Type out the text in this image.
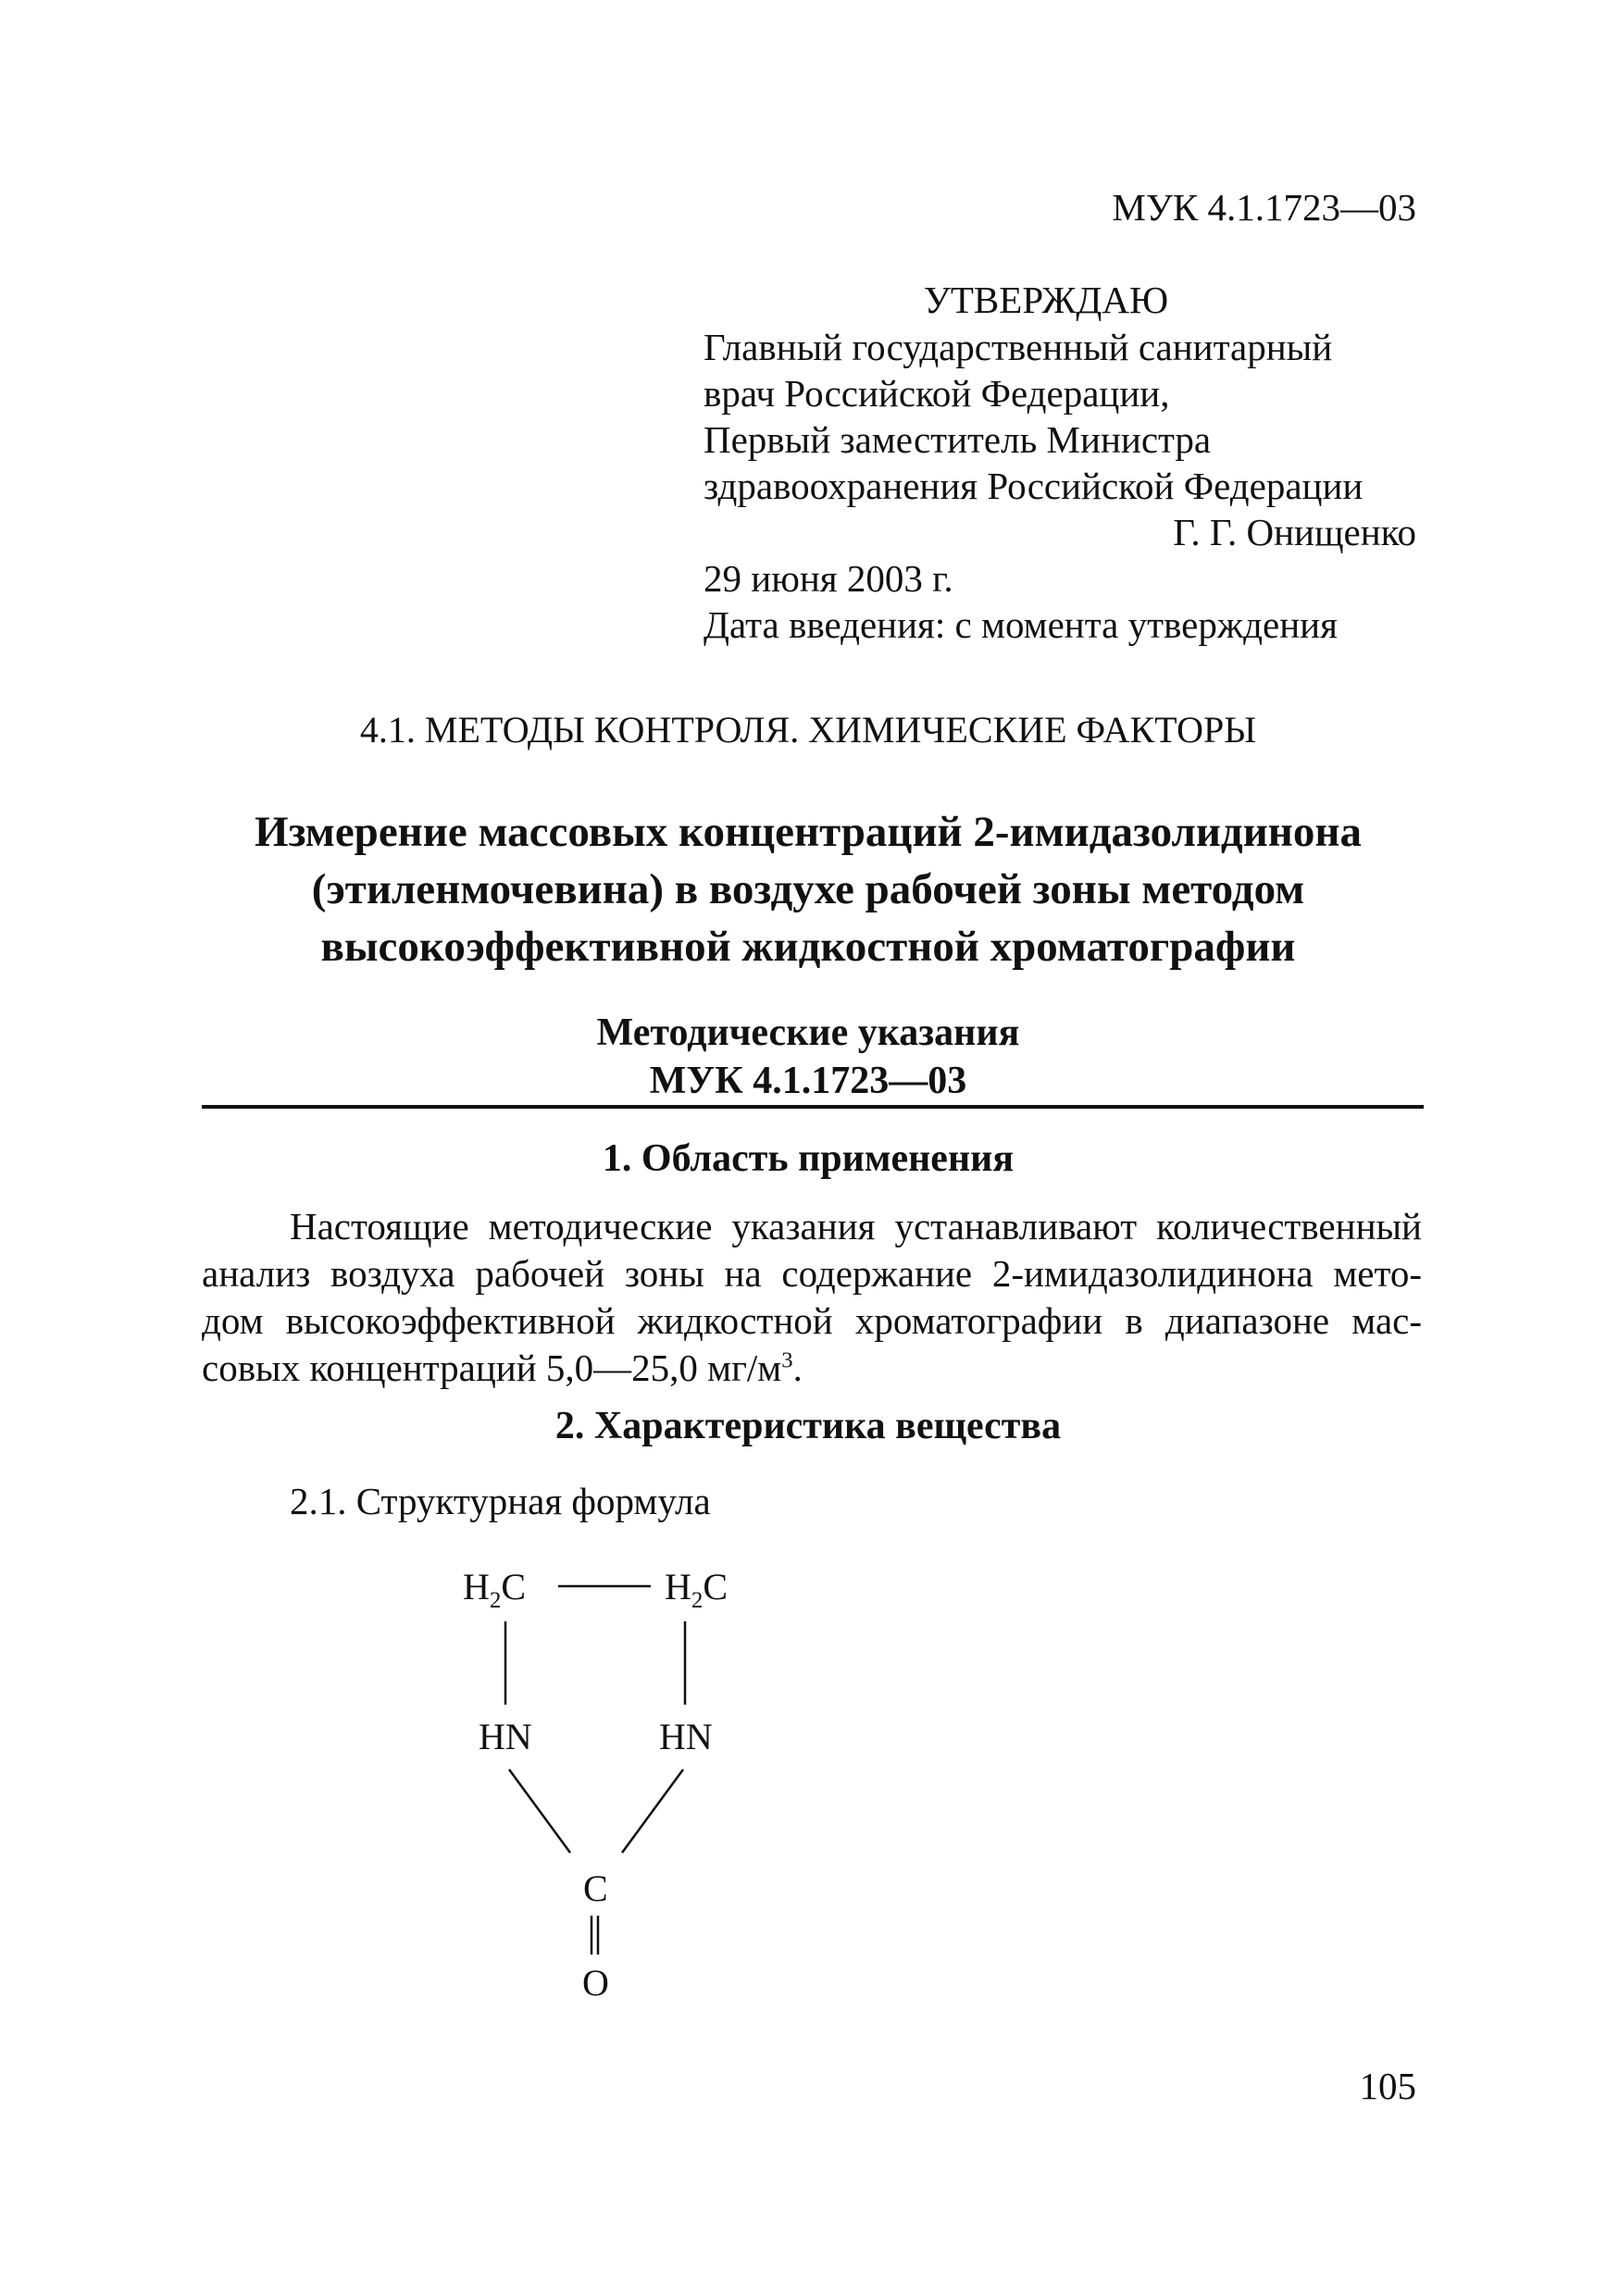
МУК 4.1.1723—03
УТВЕРЖДАЮ
Главный государственный санитарный
врач Российской Федерации,
Первый заместитель Министра
здравоохранения Российской Федерации
Г. Г. Онищенко
29 июня 2003 г.
Дата введения: с момента утверждения
4.1. МЕТОДЫ КОНТРОЛЯ. ХИМИЧЕСКИЕ ФАКТОРЫ
Измерение массовых концентраций 2-имидазолидинона
(этиленмочевина) в воздухе рабочей зоны методом
высокоэффективной жидкостной хроматографии
Методические указания
МУК 4.1.1723—03
1. Область применения
Настоящие методические указания устанавливают количественный
анализ воздуха рабочей зоны на содержание 2-имидазолидинона мето-
дом высокоэффективной жидкостной хроматографии в диапазоне мас-
совых концентраций 5,0—25,0 $мг/м^3$.
2. Характеристика вещества
2.1. Структурная формула
$H_2C$	$H_2C$
HN	HN
C
O
105
